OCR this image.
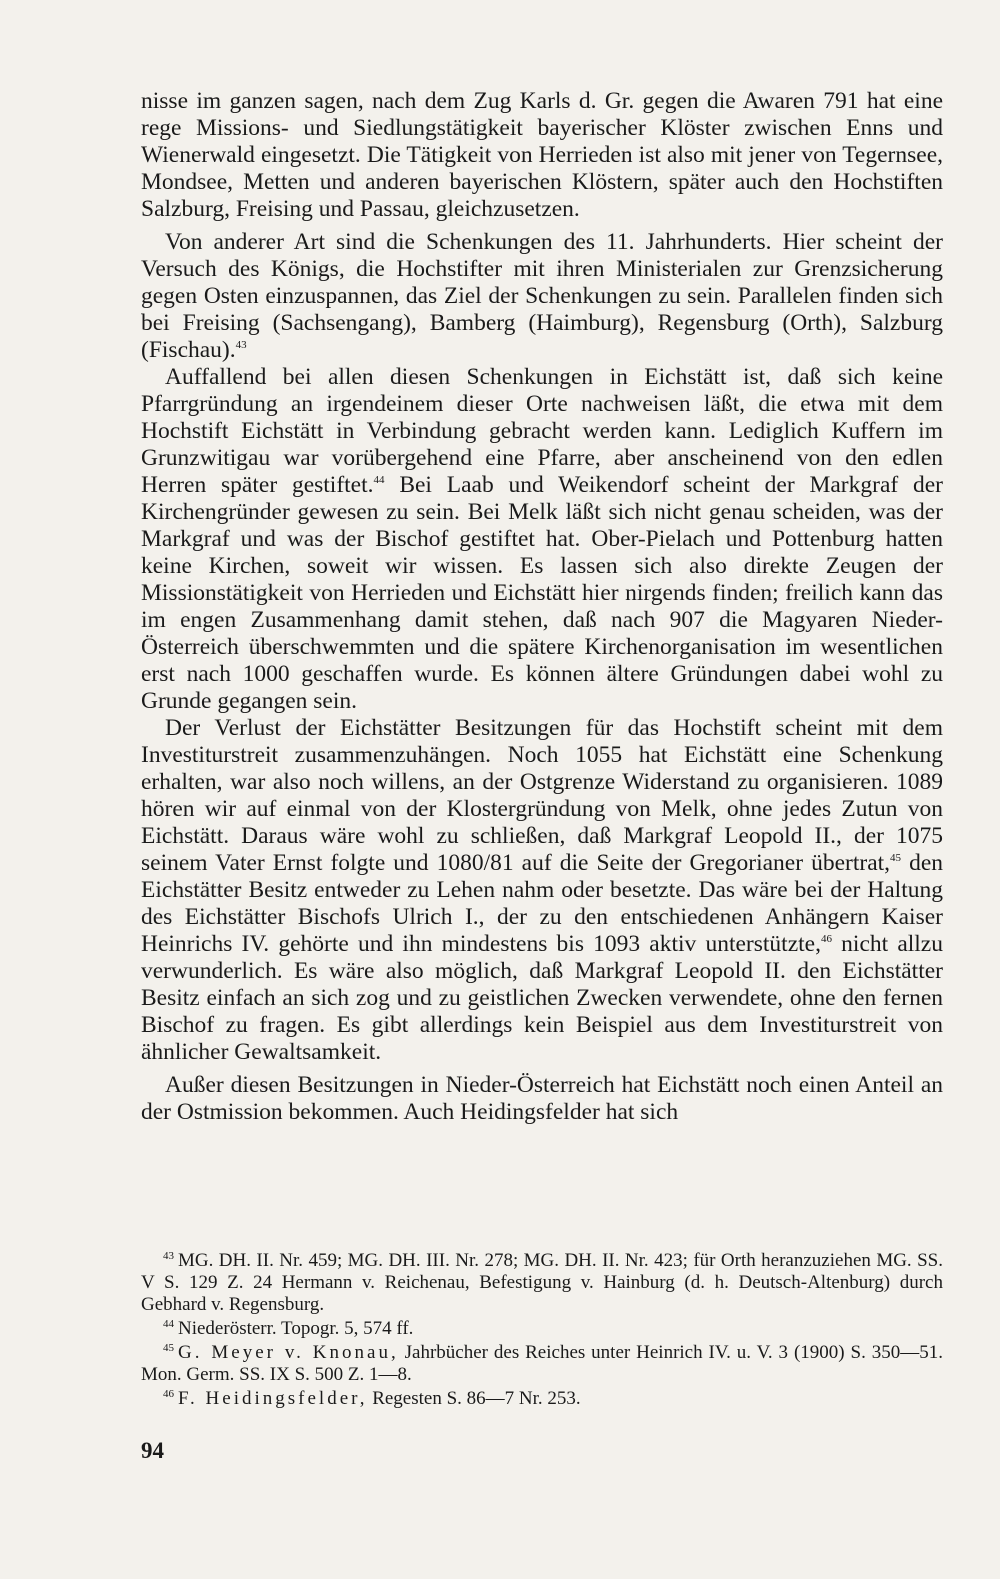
nisse im ganzen sagen, nach dem Zug Karls d. Gr. gegen die Awaren 791 hat eine rege Missions- und Siedlungstätigkeit bayerischer Klöster zwischen Enns und Wienerwald eingesetzt. Die Tätigkeit von Herrieden ist also mit jener von Tegernsee, Mondsee, Metten und anderen bayerischen Klöstern, später auch den Hochstiften Salzburg, Freising und Passau, gleichzusetzen.

Von anderer Art sind die Schenkungen des 11. Jahrhunderts. Hier scheint der Versuch des Königs, die Hochstifter mit ihren Ministerialen zur Grenzsicherung gegen Osten einzuspannen, das Ziel der Schenkungen zu sein. Parallelen finden sich bei Freising (Sachsengang), Bamberg (Haimburg), Regensburg (Orth), Salzburg (Fischau).$^{43}$

Auffallend bei allen diesen Schenkungen in Eichstätt ist, daß sich keine Pfarrgründung an irgendeinem dieser Orte nachweisen läßt, die etwa mit dem Hochstift Eichstätt in Verbindung gebracht werden kann. Lediglich Kuffern im Grunzwitigau war vorübergehend eine Pfarre, aber anscheinend von den edlen Herren später gestiftet.$^{44}$ Bei Laab und Weikendorf scheint der Markgraf der Kirchengründer gewesen zu sein. Bei Melk läßt sich nicht genau scheiden, was der Markgraf und was der Bischof gestiftet hat. Ober-Pielach und Pottenburg hatten keine Kirchen, soweit wir wissen. Es lassen sich also direkte Zeugen der Missionstätigkeit von Herrieden und Eichstätt hier nirgends finden; freilich kann das im engen Zusammenhang damit stehen, daß nach 907 die Magyaren Nieder-Österreich überschwemmten und die spätere Kirchenorganisation im wesentlichen erst nach 1000 geschaffen wurde. Es können ältere Gründungen dabei wohl zu Grunde gegangen sein.

Der Verlust der Eichstätter Besitzungen für das Hochstift scheint mit dem Investiturstreit zusammenzuhängen. Noch 1055 hat Eichstätt eine Schenkung erhalten, war also noch willens, an der Ostgrenze Widerstand zu organisieren. 1089 hören wir auf einmal von der Klostergründung von Melk, ohne jedes Zutun von Eichstätt. Daraus wäre wohl zu schließen, daß Markgraf Leopold II., der 1075 seinem Vater Ernst folgte und 1080/81 auf die Seite der Gregorianer übertrat,$^{45}$ den Eichstätter Besitz entweder zu Lehen nahm oder besetzte. Das wäre bei der Haltung des Eichstätter Bischofs Ulrich I., der zu den entschiedenen Anhängern Kaiser Heinrichs IV. gehörte und ihn mindestens bis 1093 aktiv unterstützte,$^{46}$ nicht allzu verwunderlich. Es wäre also möglich, daß Markgraf Leopold II. den Eichstätter Besitz einfach an sich zog und zu geistlichen Zwecken verwendete, ohne den fernen Bischof zu fragen. Es gibt allerdings kein Beispiel aus dem Investiturstreit von ähnlicher Gewaltsamkeit.

Außer diesen Besitzungen in Nieder-Österreich hat Eichstätt noch einen Anteil an der Ostmission bekommen. Auch Heidingsfelder hat sich

43 MG. DH. II. Nr. 459; MG. DH. III. Nr. 278; MG. DH. II. Nr. 423; für Orth heranzuziehen MG. SS. V S. 129 Z. 24 Hermann v. Reichenau, Befestigung v. Hainburg (d. h. Deutsch-Altenburg) durch Gebhard v. Regensburg.

44 Niederösterr. Topogr. 5, 574 ff.

45 G. Meyer v. Knonau, Jahrbücher des Reiches unter Heinrich IV. u. V. 3 (1900) S. 350—51. Mon. Germ. SS. IX S. 500 Z. 1—8.

46 F. Heidingsfelder, Regesten S. 86—7 Nr. 253.

94
